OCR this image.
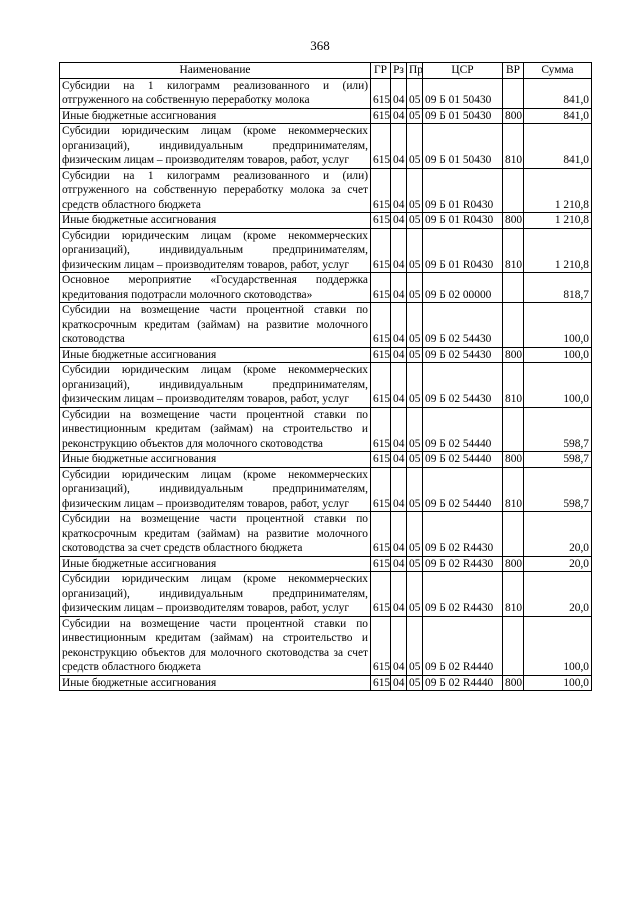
368
Наименование	ГР	Рз	Пр	ЦСР	ВР	Сумма
Субсидии на 1 килограмм реализованного и (или) отгруженного на собственную переработку молока	615	04	05	09 Б 01 50430		841,0
Иные бюджетные ассигнования	615	04	05	09 Б 01 50430	800	841,0
Субсидии юридическим лицам (кроме некоммерческих организаций), индивидуальным предпринимателям, физическим лицам – производителям товаров, работ, услуг	615	04	05	09 Б 01 50430	810	841,0
Субсидии на 1 килограмм реализованного и (или) отгруженного на собственную переработку молока за счет средств областного бюджета	615	04	05	09 Б 01 R0430		1 210,8
Иные бюджетные ассигнования	615	04	05	09 Б 01 R0430	800	1 210,8
Субсидии юридическим лицам (кроме некоммерческих организаций), индивидуальным предпринимателям, физическим лицам – производителям товаров, работ, услуг	615	04	05	09 Б 01 R0430	810	1 210,8
Основное мероприятие «Государственная поддержка кредитования подотрасли молочного скотоводства»	615	04	05	09 Б 02 00000		818,7
Субсидии на возмещение части процентной ставки по краткосрочным кредитам (займам) на развитие молочного скотоводства	615	04	05	09 Б 02 54430		100,0
Иные бюджетные ассигнования	615	04	05	09 Б 02 54430	800	100,0
Субсидии юридическим лицам (кроме некоммерческих организаций), индивидуальным предпринимателям, физическим лицам – производителям товаров, работ, услуг	615	04	05	09 Б 02 54430	810	100,0
Субсидии на возмещение части процентной ставки по инвестиционным кредитам (займам) на строительство и реконструкцию объектов для молочного скотоводства	615	04	05	09 Б 02 54440		598,7
Иные бюджетные ассигнования	615	04	05	09 Б 02 54440	800	598,7
Субсидии юридическим лицам (кроме некоммерческих организаций), индивидуальным предпринимателям, физическим лицам – производителям товаров, работ, услуг	615	04	05	09 Б 02 54440	810	598,7
Субсидии на возмещение части процентной ставки по краткосрочным кредитам (займам) на развитие молочного скотоводства за счет средств областного бюджета	615	04	05	09 Б 02 R4430		20,0
Иные бюджетные ассигнования	615	04	05	09 Б 02 R4430	800	20,0
Субсидии юридическим лицам (кроме некоммерческих организаций), индивидуальным предпринимателям, физическим лицам – производителям товаров, работ, услуг	615	04	05	09 Б 02 R4430	810	20,0
Субсидии на возмещение части процентной ставки по инвестиционным кредитам (займам) на строительство и реконструкцию объектов для молочного скотоводства за счет средств областного бюджета	615	04	05	09 Б 02 R4440		100,0
Иные бюджетные ассигнования	615	04	05	09 Б 02 R4440	800	100,0
